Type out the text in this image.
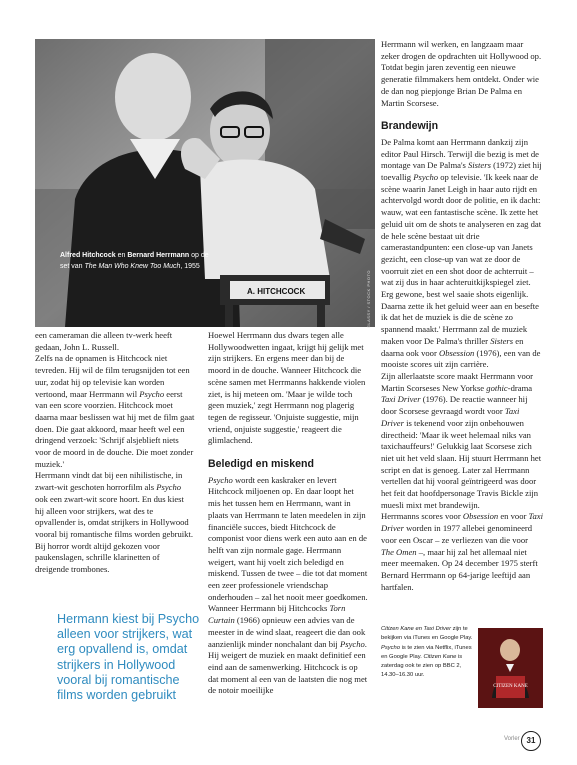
A. HITCHCOCK
Alfred Hitchcock en Bernard Herrmann op de set van The Man Who Knew Too Much, 1955
GLASSY / STOCK PHOTO

een cameraman die alleen tv-werk heeft gedaan, John L. Russell.

Zelfs na de opnamen is Hitchcock niet tevreden. Hij wil de film terugsnijden tot een uur, zodat hij op televisie kan worden vertoond, maar Herrmann wil Psycho eerst van een score voorzien. Hitchcock moet daarna maar beslissen wat hij met de film gaat doen. Die gaat akkoord, maar heeft wel een dringend verzoek: 'Schrijf alsjeblieft niets voor de moord in de douche. Die moet zonder muziek.'

Herrmann vindt dat bij een nihilistische, in zwart-wit geschoten horrorfilm als Psycho ook een zwart-wit score hoort. En dus kiest hij alleen voor strijkers, wat des te opvallender is, omdat strijkers in Hollywood vooral bij romantische films worden gebruikt. Bij horror wordt altijd gekozen voor paukenslagen, schrille klarinetten of dreigende trombones.

Hermann kiest bij Psycho alleen voor strijkers, wat erg opvallend is, omdat strijkers in Hollywood vooral bij romantische films worden gebruikt

Hoewel Herrmann dus dwars tegen alle Hollywoodwetten ingaat, krijgt hij gelijk met zijn strijkers. En ergens meer dan bij de moord in de douche. Wanneer Hitchcock die scène samen met Herrmanns hakkende violen ziet, is hij meteen om. 'Maar je wilde toch geen muziek,' zegt Herrmann nog plagerig tegen de regisseur. 'Onjuiste suggestie, mijn vriend, onjuiste suggestie,' reageert die glimlachend.

Beledigd en miskend

Psycho wordt een kaskraker en levert Hitchcock miljoenen op. En daar loopt het mis het tussen hem en Herrmann, want in plaats van Herrmann te laten meedelen in zijn financiële succes, biedt Hitchcock de componist voor diens werk een auto aan en de helft van zijn normale gage. Herrmann weigert, want hij voelt zich beledigd en miskend. Tussen de twee – die tot dat moment een zeer professionele vriendschap onderhouden – zal het nooit meer goedkomen.

Wanneer Herrmann bij Hitchcocks Torn Curtain (1966) opnieuw een advies van de meester in de wind slaat, reageert die dan ook aanzienlijk minder nonchalant dan bij Psycho. Hij weigert de muziek en maakt definitief een eind aan de samenwerking. Hitchcock is op dat moment al een van de laatsten die nog met de notoir moeilijke

Herrmann wil werken, en langzaam maar zeker drogen de opdrachten uit Hollywood op. Totdat begin jaren zeventig een nieuwe generatie filmmakers hem ontdekt. Onder wie de dan nog piepjonge Brian De Palma en Martin Scorsese.

Brandewijn

De Palma komt aan Herrmann dankzij zijn editor Paul Hirsch. Terwijl die bezig is met de montage van De Palma's Sisters (1972) ziet hij toevallig Psycho op televisie. 'Ik keek naar de scène waarin Janet Leigh in haar auto rijdt en achtervolgd wordt door de politie, en ik dacht: wauw, wat een fantastische scène. Ik zette het geluid uit om de shots te analyseren en zag dat de hele scène bestaat uit drie camerastandpunten: een close-up van Janets gezicht, een close-up van wat ze door de voorruit ziet en een shot door de achterruit – wat zij dus in haar achteruitkijkspiegel ziet. Erg gewone, best wel saaie shots eigenlijk. Daarna zette ik het geluid weer aan en besefte ik dat het de muziek is die de scène zo spannend maakt.' Herrmann zal de muziek maken voor De Palma's thriller Sisters en daarna ook voor Obsession (1976), een van de mooiste scores uit zijn carrière.

Zijn allerlaatste score maakt Herrmann voor Martin Scorseses New Yorkse gothic-drama Taxi Driver (1976). De reactie wanneer hij door Scorsese gevraagd wordt voor Taxi Driver is tekenend voor zijn onbehouwen directheid: 'Maar ik weet helemaal niks van taxichauffeurs!' Gelukkig laat Scorsese zich niet uit het veld slaan. Hij stuurt Herrmann het script en dat is genoeg. Later zal Herrmann vertellen dat hij vooral geïntrigeerd was door het feit dat hoofdpersonage Travis Bickle zijn muesli mixt met brandewijn.

Herrmanns scores voor Obsession en voor Taxi Driver worden in 1977 allebei genomineerd voor een Oscar – ze verliezen van die voor The Omen –, maar hij zal het allemaal niet meer meemaken. Op 24 december 1975 sterft Bernard Herrmann op 64-jarige leeftijd aan hartfalen.

Citizen Kane en Taxi Driver zijn te bekijken via iTunes en Google Play. Psycho is te zien via Netflix, iTunes en Google Play. Citizen Kane is zaterdag ook te zien op BBC 2, 14.30–16.30 uur.
CITIZEN KANE
Vorler 31
